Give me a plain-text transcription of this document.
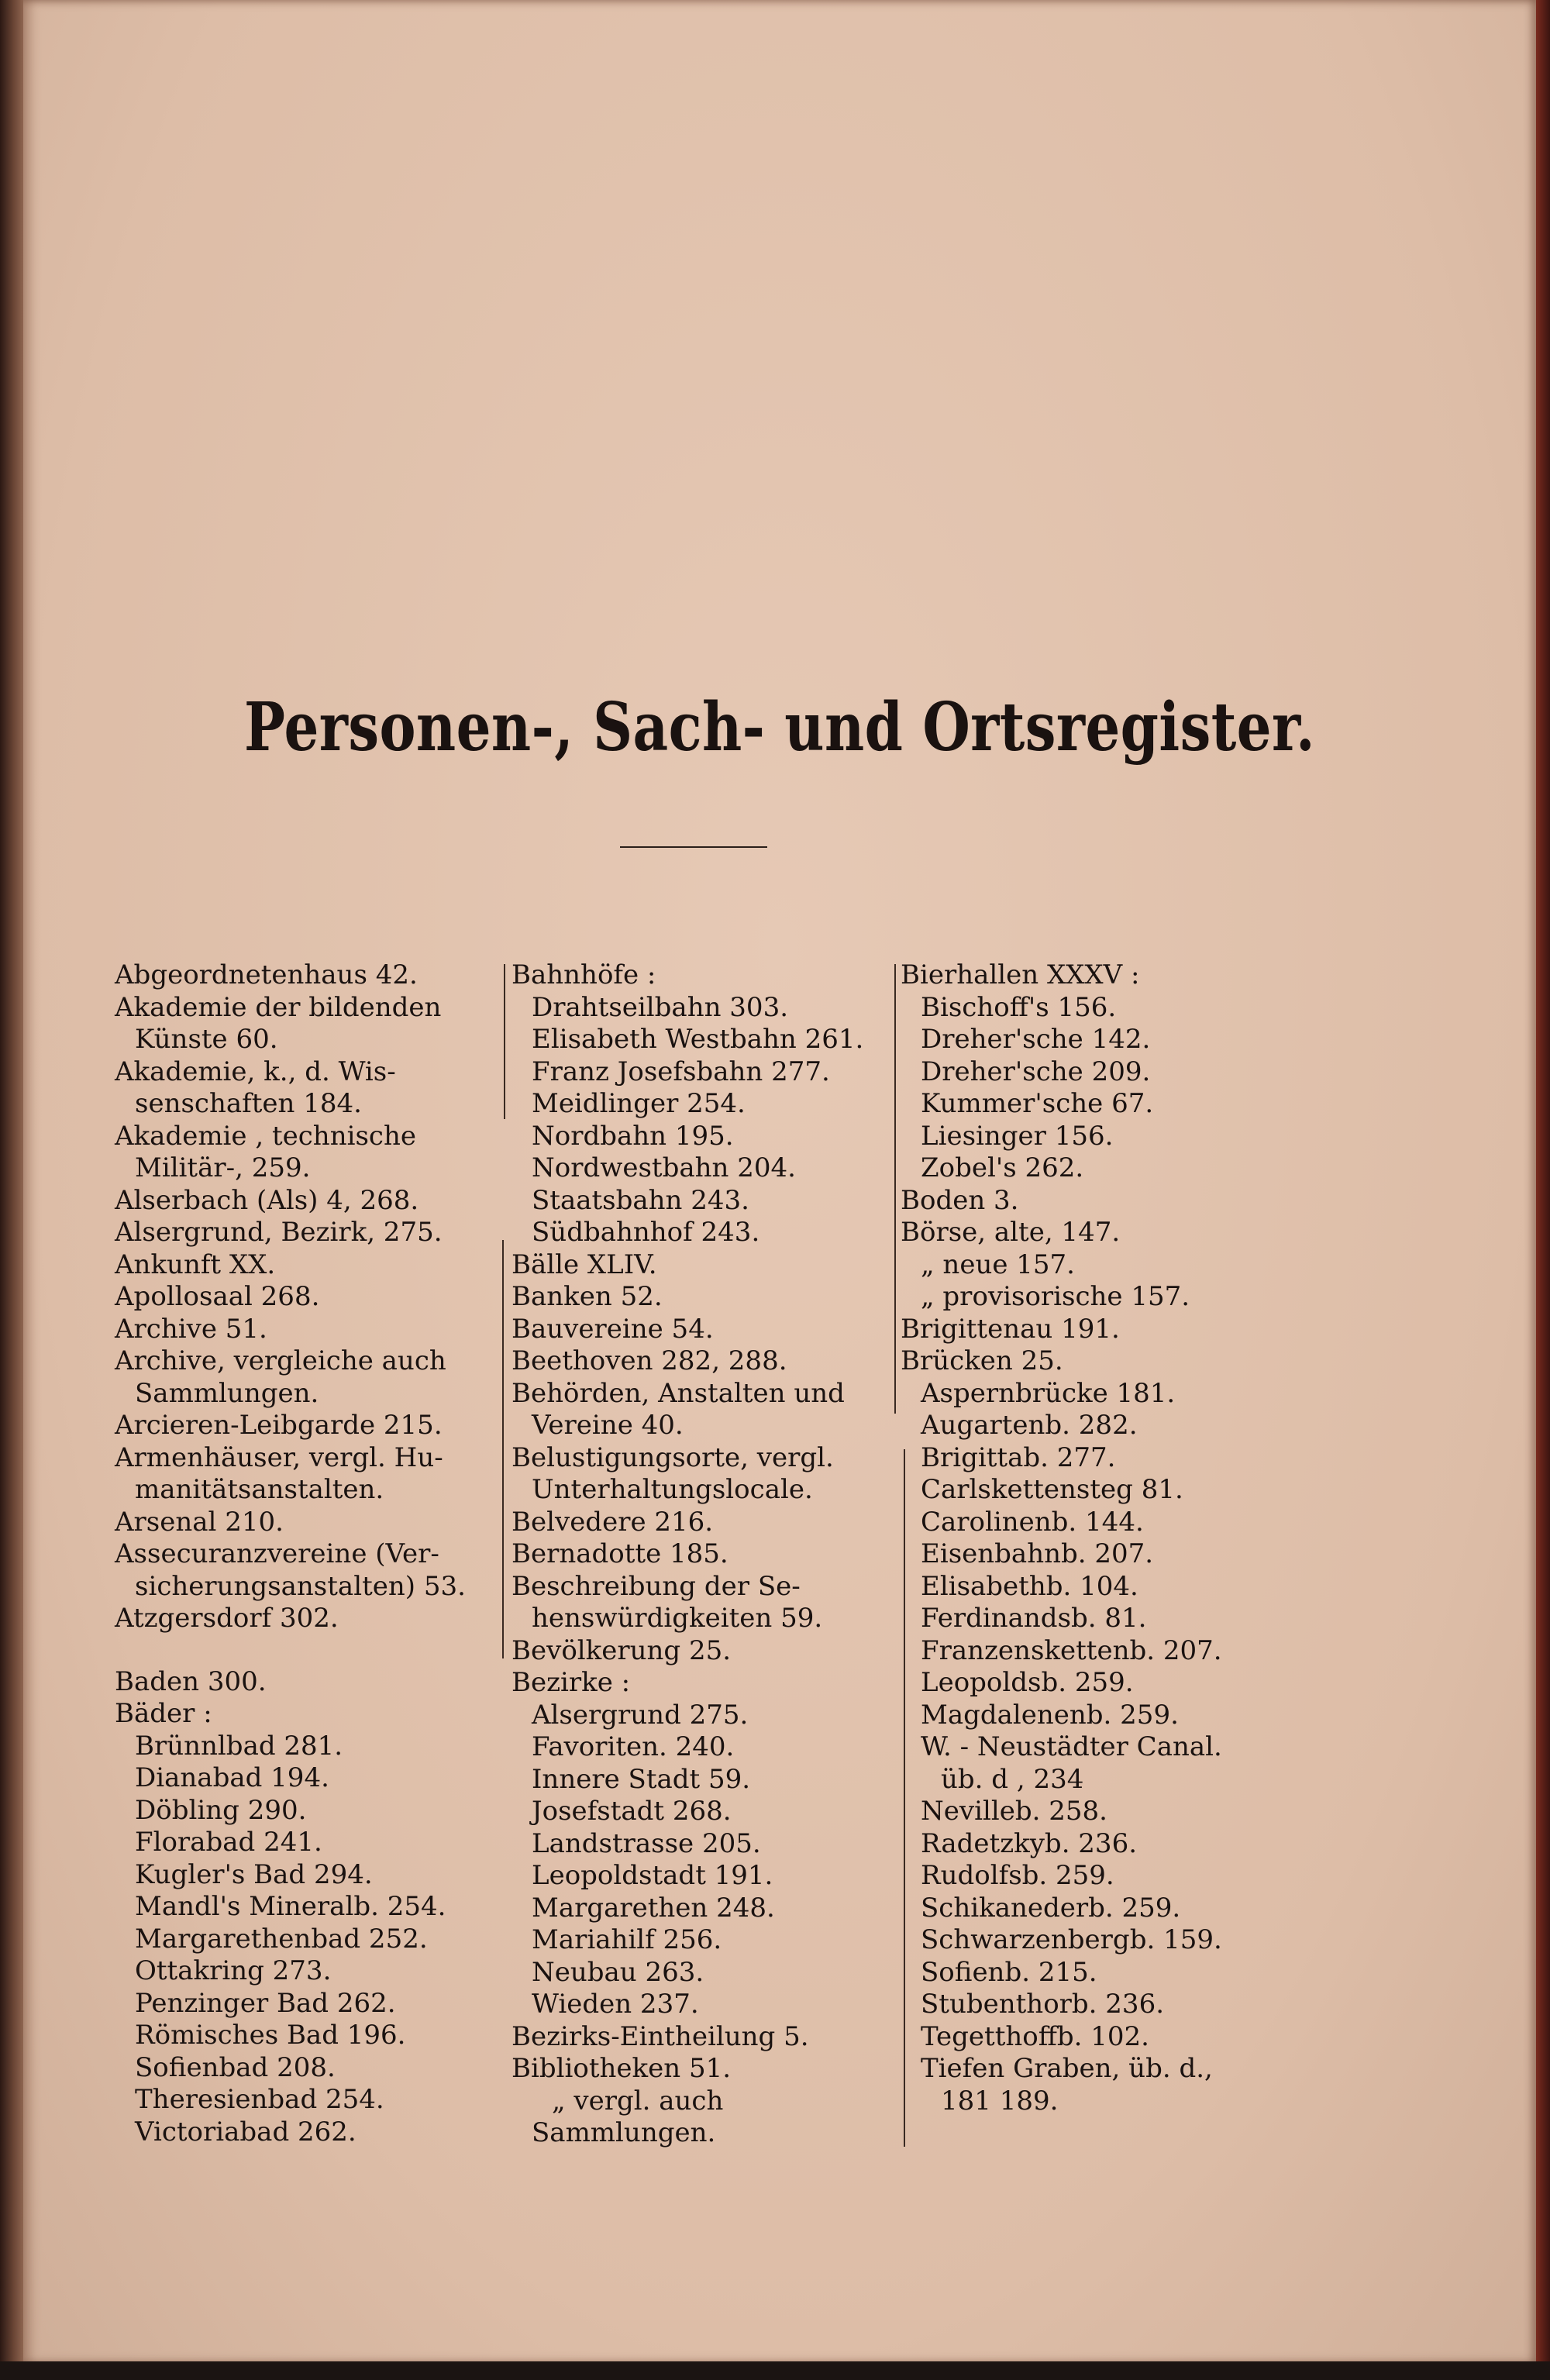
Personen-, Sach- und Ortsregister.
Abgeordnetenhaus 42.
Akademie der bildenden
Künste 60.
Akademie, k., d. Wis-
senschaften 184.
Akademie , technische
Militär-, 259.
Alserbach (Als) 4, 268.
Alsergrund, Bezirk, 275.
Ankunft XX.
Apollosaal 268.
Archive 51.
Archive, vergleiche auch
Sammlungen.
Arcieren-Leibgarde 215.
Armenhäuser, vergl. Hu-
manitätsanstalten.
Arsenal 210.
Assecuranzvereine (Ver-
sicherungsanstalten) 53.
Atzgersdorf 302.
Baden 300.
Bäder :
Brünnlbad 281.
Dianabad 194.
Döbling 290.
Florabad 241.
Kugler's Bad 294.
Mandl's Mineralb. 254.
Margarethenbad 252.
Ottakring 273.
Penzinger Bad 262.
Römisches Bad 196.
Sofienbad 208.
Theresienbad 254.
Victoriabad 262.
Bahnhöfe :
Drahtseilbahn 303.
Elisabeth Westbahn 261.
Franz Josefsbahn 277.
Meidlinger 254.
Nordbahn 195.
Nordwestbahn 204.
Staatsbahn 243.
Südbahnhof 243.
Bälle XLIV.
Banken 52.
Bauvereine 54.
Beethoven 282, 288.
Behörden, Anstalten und
Vereine 40.
Belustigungsorte, vergl.
Unterhaltungslocale.
Belvedere 216.
Bernadotte 185.
Beschreibung der Se-
henswürdigkeiten 59.
Bevölkerung 25.
Bezirke :
Alsergrund 275.
Favoriten. 240.
Innere Stadt 59.
Josefstadt 268.
Landstrasse 205.
Leopoldstadt 191.
Margarethen 248.
Mariahilf 256.
Neubau 263.
Wieden 237.
Bezirks-Eintheilung 5.
Bibliotheken 51.
„ vergl. auch
Sammlungen.
Bierhallen XXXV :
Bischoff's 156.
Dreher'sche 142.
Dreher'sche 209.
Kummer'sche 67.
Liesinger 156.
Zobel's 262.
Boden 3.
Börse, alte, 147.
„ neue 157.
„ provisorische 157.
Brigittenau 191.
Brücken 25.
Aspernbrücke 181.
Augartenb. 282.
Brigittab. 277.
Carlskettensteg 81.
Carolinenb. 144.
Eisenbahnb. 207.
Elisabethb. 104.
Ferdinandsb. 81.
Franzenskettenb. 207.
Leopoldsb. 259.
Magdalenenb. 259.
W. - Neustädter Canal.
üb. d , 234
Nevilleb. 258.
Radetzkyb. 236.
Rudolfsb. 259.
Schikanederb. 259.
Schwarzenbergb. 159.
Sofienb. 215.
Stubenthorb. 236.
Tegetthoffb. 102.
Tiefen Graben, üb. d.,
181 189.
